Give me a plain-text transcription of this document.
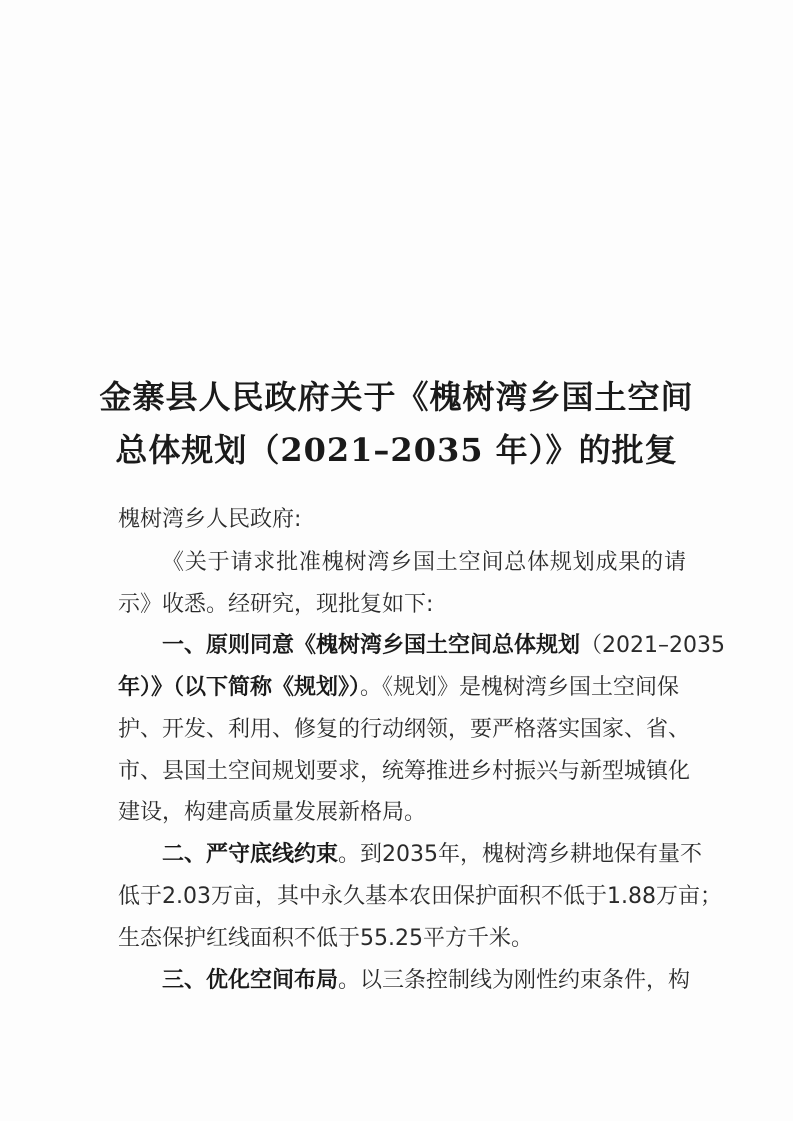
金寨县人民政府关于《槐树湾乡国土空间
总体规划（2021–2035 年）》的批复
槐树湾乡人民政府:
《关于请求批准槐树湾乡国土空间总体规划成果的请
示》收悉。经研究，现批复如下:
一、原则同意《槐树湾乡国土空间总体规划（2021–2035
年）》（以下简称《规划》）。《规划》是槐树湾乡国土空间保
护、开发、利用、修复的行动纲领，要严格落实国家、省、
市、县国土空间规划要求，统筹推进乡村振兴与新型城镇化
建设，构建高质量发展新格局。
二、严守底线约束。到2035年，槐树湾乡耕地保有量不
低于2.03万亩，其中永久基本农田保护面积不低于1.88万亩；
生态保护红线面积不低于55.25平方千米。
三、优化空间布局。以三条控制线为刚性约束条件，构
